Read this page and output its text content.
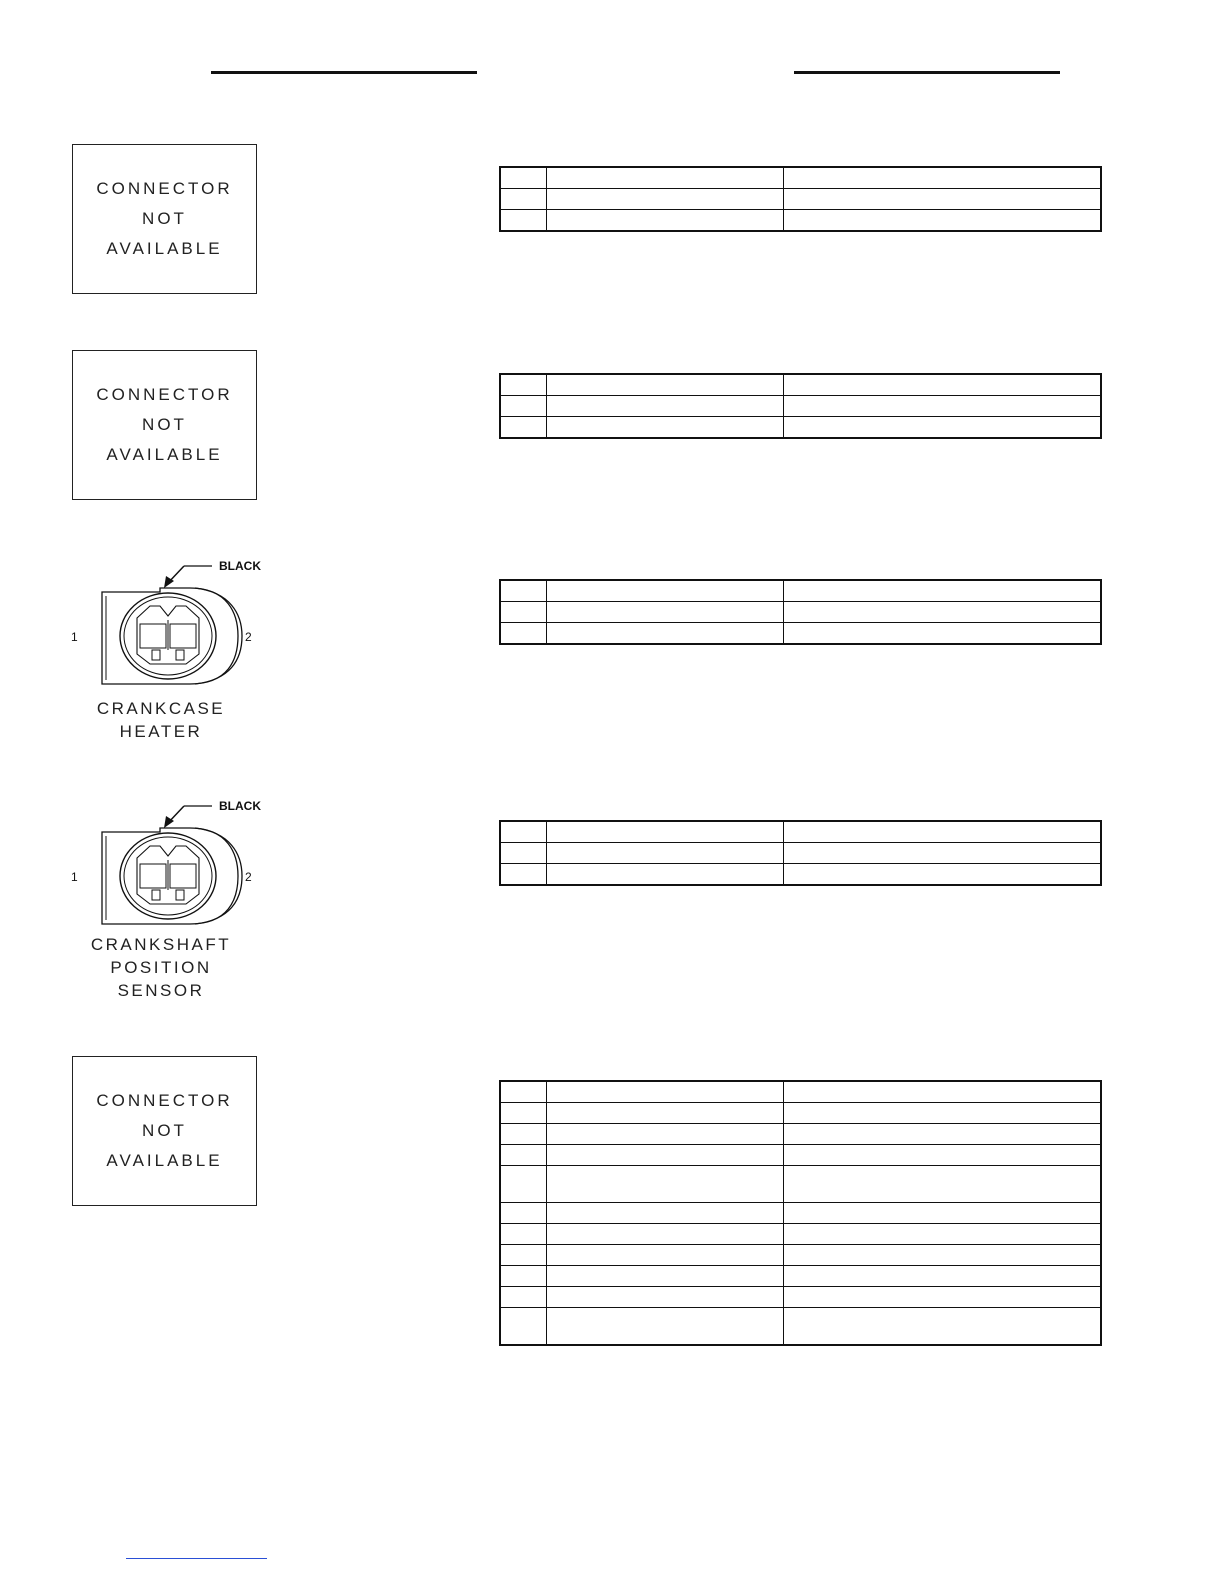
CONNECTOR
NOT
AVAILABLE

CONNECTOR
NOT
AVAILABLE

BLACK
1	2
CRANKCASE
HEATER

BLACK
1	2
CRANKSHAFT
POSITION
SENSOR

CONNECTOR
NOT
AVAILABLE
